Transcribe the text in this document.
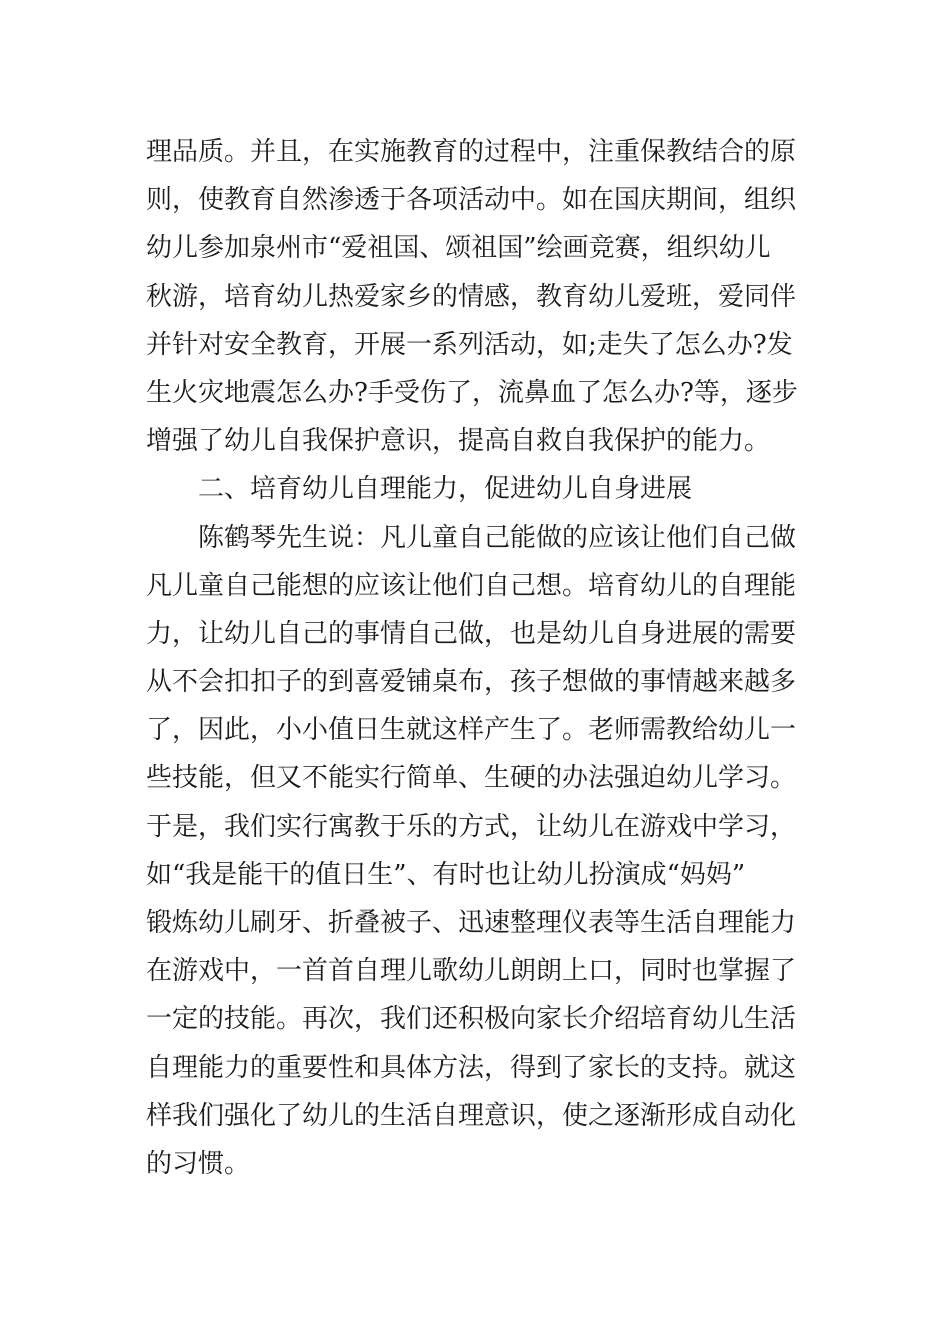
理品质。并且，在实施教育的过程中，注重保教结合的原
则，使教育自然渗透于各项活动中。如在国庆期间，组织
幼儿参加泉州市“爱祖国、颂祖国”绘画竞赛，组织幼儿
秋游，培育幼儿热爱家乡的情感，教育幼儿爱班，爱同伴
并针对安全教育，开展一系列活动，如;走失了怎么办?发
生火灾地震怎么办?手受伤了，流鼻血了怎么办?等，逐步
增强了幼儿自我保护意识，提高自救自我保护的能力。
二、培育幼儿自理能力，促进幼儿自身进展
陈鹤琴先生说：凡儿童自己能做的应该让他们自己做
凡儿童自己能想的应该让他们自己想。培育幼儿的自理能
力，让幼儿自己的事情自己做，也是幼儿自身进展的需要
从不会扣扣子的到喜爱铺桌布，孩子想做的事情越来越多
了，因此，小小值日生就这样产生了。老师需教给幼儿一
些技能，但又不能实行简单、生硬的办法强迫幼儿学习。
于是，我们实行寓教于乐的方式，让幼儿在游戏中学习，
如“我是能干的值日生”、有时也让幼儿扮演成“妈妈”
锻炼幼儿刷牙、折叠被子、迅速整理仪表等生活自理能力
在游戏中，一首首自理儿歌幼儿朗朗上口，同时也掌握了
一定的技能。再次，我们还积极向家长介绍培育幼儿生活
自理能力的重要性和具体方法，得到了家长的支持。就这
样我们强化了幼儿的生活自理意识，使之逐渐形成自动化
的习惯。
